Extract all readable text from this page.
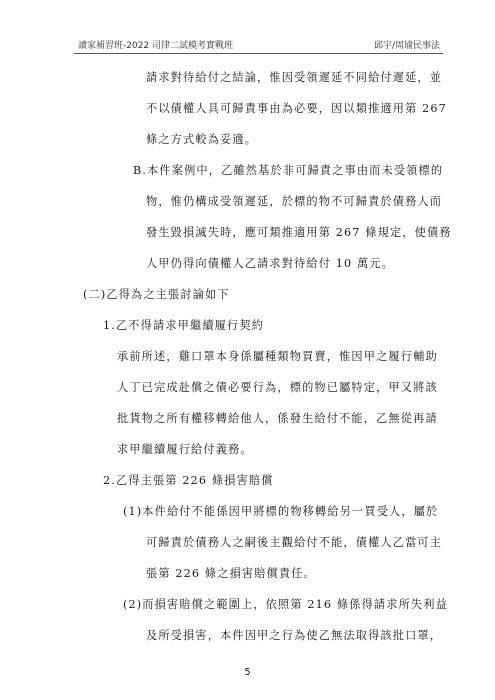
讀家補習班-2022 司律二試模考實戰班	邱宇/周瑜民事法
請求對待給付之結論，惟因受領遲延不同給付遲延，並
不以債權人具可歸責事由為必要，因以類推適用第 267
條之方式較為妥適。
B.本件案例中，乙雖然基於非可歸責之事由而未受領標的
物，惟仍構成受領遲延，於標的物不可歸責於債務人而
發生毀損滅失時，應可類推適用第 267 條規定，使債務
人甲仍得向債權人乙請求對待給付 10 萬元。
(二)乙得為之主張討論如下
1.乙不得請求甲繼續履行契約
承前所述，雞口罩本身係屬種類物買賣，惟因甲之履行輔助
人丁已完成赴償之債必要行為，標的物已屬特定，甲又將該
批貨物之所有權移轉給他人，係發生給付不能，乙無從再請
求甲繼續履行給付義務。
2.乙得主張第 226 條損害賠償
(1)本件給付不能係因甲將標的物移轉給另一買受人，屬於
可歸責於債務人之嗣後主觀給付不能，債權人乙當可主
張第 226 條之損害賠償責任。
(2)而損害賠償之範圍上，依照第 216 條係得請求所失利益
及所受損害，本件因甲之行為使乙無法取得該批口罩，
5
